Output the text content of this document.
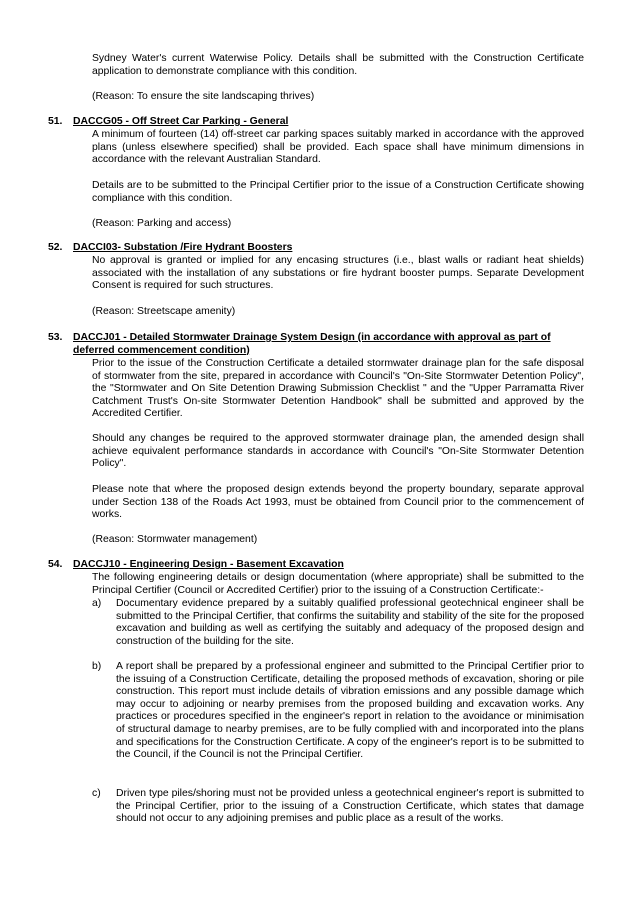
Sydney Water's current Waterwise Policy. Details shall be submitted with the Construction Certificate application to demonstrate compliance with this condition.

(Reason: To ensure the site landscaping thrives)

51. DACCG05 - Off Street Car Parking - General

A minimum of fourteen (14) off-street car parking spaces suitably marked in accordance with the approved plans (unless elsewhere specified) shall be provided. Each space shall have minimum dimensions in accordance with the relevant Australian Standard.

Details are to be submitted to the Principal Certifier prior to the issue of a Construction Certificate showing compliance with this condition.

(Reason: Parking and access)

52. DACCI03- Substation /Fire Hydrant Boosters

No approval is granted or implied for any encasing structures (i.e., blast walls or radiant heat shields) associated with the installation of any substations or fire hydrant booster pumps. Separate Development Consent is required for such structures.

(Reason: Streetscape amenity)

53. DACCJ01 - Detailed Stormwater Drainage System Design (in accordance with approval as part of deferred commencement condition)

Prior to the issue of the Construction Certificate a detailed stormwater drainage plan for the safe disposal of stormwater from the site, prepared in accordance with Council's "On-Site Stormwater Detention Policy", the "Stormwater and On Site Detention Drawing Submission Checklist " and the "Upper Parramatta River Catchment Trust's On-site Stormwater Detention Handbook" shall be submitted and approved by the Accredited Certifier.

Should any changes be required to the approved stormwater drainage plan, the amended design shall achieve equivalent performance standards in accordance with Council's "On-Site Stormwater Detention Policy".

Please note that where the proposed design extends beyond the property boundary, separate approval under Section 138 of the Roads Act 1993, must be obtained from Council prior to the commencement of works.

(Reason: Stormwater management)

54. DACCJ10 - Engineering Design - Basement Excavation

The following engineering details or design documentation (where appropriate) shall be submitted to the Principal Certifier (Council or Accredited Certifier) prior to the issuing of a Construction Certificate:-

a) Documentary evidence prepared by a suitably qualified professional geotechnical engineer shall be submitted to the Principal Certifier, that confirms the suitability and stability of the site for the proposed excavation and building as well as certifying the suitably and adequacy of the proposed design and construction of the building for the site.
b) A report shall be prepared by a professional engineer and submitted to the Principal Certifier prior to the issuing of a Construction Certificate, detailing the proposed methods of excavation, shoring or pile construction. This report must include details of vibration emissions and any possible damage which may occur to adjoining or nearby premises from the proposed building and excavation works. Any practices or procedures specified in the engineer's report in relation to the avoidance or minimisation of structural damage to nearby premises, are to be fully complied with and incorporated into the plans and specifications for the Construction Certificate. A copy of the engineer's report is to be submitted to the Council, if the Council is not the Principal Certifier.
c) Driven type piles/shoring must not be provided unless a geotechnical engineer's report is submitted to the Principal Certifier, prior to the issuing of a Construction Certificate, which states that damage should not occur to any adjoining premises and public place as a result of the works.
